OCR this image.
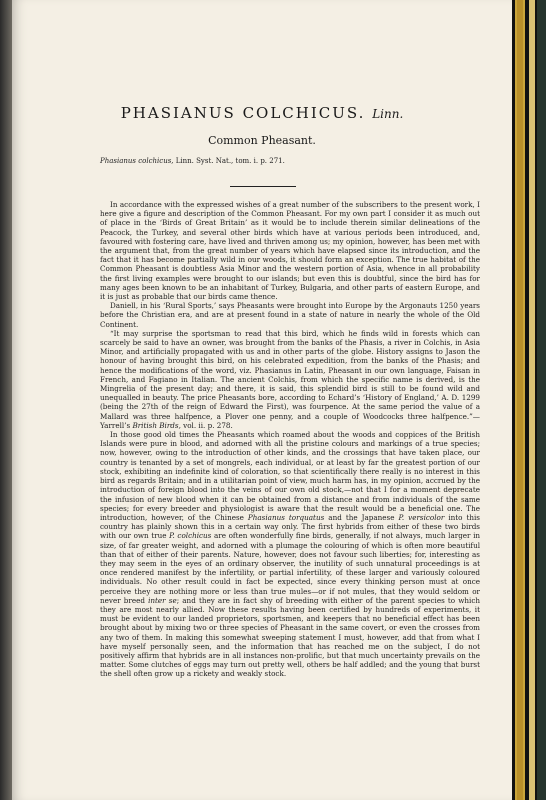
PHASIANUS COLCHICUS. Linn.
Common Pheasant.
Phasianus colchicus, Linn. Syst. Nat., tom. i. p. 271.

In accordance with the expressed wishes of a great number of the subscribers to the present work, I here give a figure and description of the Common Pheasant. For my own part I consider it as much out of place in the ‘Birds of Great Britain’ as it would be to include therein similar delineations of the Peacock, the Turkey, and several other birds which have at various periods been introduced, and, favoured with fostering care, have lived and thriven among us; my opinion, however, has been met with the argument that, from the great number of years which have elapsed since its introduction, and the fact that it has become partially wild in our woods, it should form an exception. The true habitat of the Common Pheasant is doubtless Asia Minor and the western portion of Asia, whence in all probability the first living examples were brought to our islands; but even this is doubtful, since the bird has for many ages been known to be an inhabitant of Turkey, Bulgaria, and other parts of eastern Europe, and it is just as probable that our birds came thence.

Daniell, in his ‘Rural Sports,’ says Pheasants were brought into Europe by the Argonauts 1250 years before the Christian era, and are at present found in a state of nature in nearly the whole of the Old Continent.

“It may surprise the sportsman to read that this bird, which he finds wild in forests which can scarcely be said to have an owner, was brought from the banks of the Phasis, a river in Colchis, in Asia Minor, and artificially propagated with us and in other parts of the globe. History assigns to Jason the honour of having brought this bird, on his celebrated expedition, from the banks of the Phasis; and hence the modifications of the word, viz. Phasianus in Latin, Pheasant in our own language, Faisan in French, and Fagiano in Italian. The ancient Colchis, from which the specific name is derived, is the Mingrelia of the present day; and there, it is said, this splendid bird is still to be found wild and unequalled in beauty. The price Pheasants bore, according to Echard’s ‘History of England,’ A. D. 1299 (being the 27th of the reign of Edward the First), was fourpence. At the same period the value of a Mallard was three halfpence, a Plover one penny, and a couple of Woodcocks three halfpence.”—Yarrell’s British Birds, vol. ii. p. 278.

In those good old times the Pheasants which roamed about the woods and coppices of the British Islands were pure in blood, and adorned with all the pristine colours and markings of a true species; now, however, owing to the introduction of other kinds, and the crossings that have taken place, our country is tenanted by a set of mongrels, each individual, or at least by far the greatest portion of our stock, exhibiting an indefinite kind of coloration, so that scientifically there really is no interest in this bird as regards Britain; and in a utilitarian point of view, much harm has, in my opinion, accrued by the introduction of foreign blood into the veins of our own old stock,—not that I for a moment deprecate the infusion of new blood when it can be obtained from a distance and from individuals of the same species; for every breeder and physiologist is aware that the result would be a beneficial one. The introduction, however, of the Chinese Phasianus torquatus and the Japanese P. versicolor into this country has plainly shown this in a certain way only. The first hybrids from either of these two birds with our own true P. colchicus are often wonderfully fine birds, generally, if not always, much larger in size, of far greater weight, and adorned with a plumage the colouring of which is often more beautiful than that of either of their parents. Nature, however, does not favour such liberties; for, interesting as they may seem in the eyes of an ordinary observer, the inutility of such unnatural proceedings is at once rendered manifest by the infertility, or partial infertility, of these larger and variously coloured individuals. No other result could in fact be expected, since every thinking person must at once perceive they are nothing more or less than true mules—or if not mules, that they would seldom or never breed inter se; and they are in fact shy of breeding with either of the parent species to which they are most nearly allied. Now these results having been certified by hundreds of experiments, it must be evident to our landed proprietors, sportsmen, and keepers that no beneficial effect has been brought about by mixing two or three species of Pheasant in the same covert, or even the crosses from any two of them. In making this somewhat sweeping statement I must, however, add that from what I have myself personally seen, and the information that has reached me on the subject, I do not positively affirm that hybrids are in all instances non-prolific, but that much uncertainty prevails on the matter. Some clutches of eggs may turn out pretty well, others be half addled; and the young that burst the shell often grow up a rickety and weakly stock.
